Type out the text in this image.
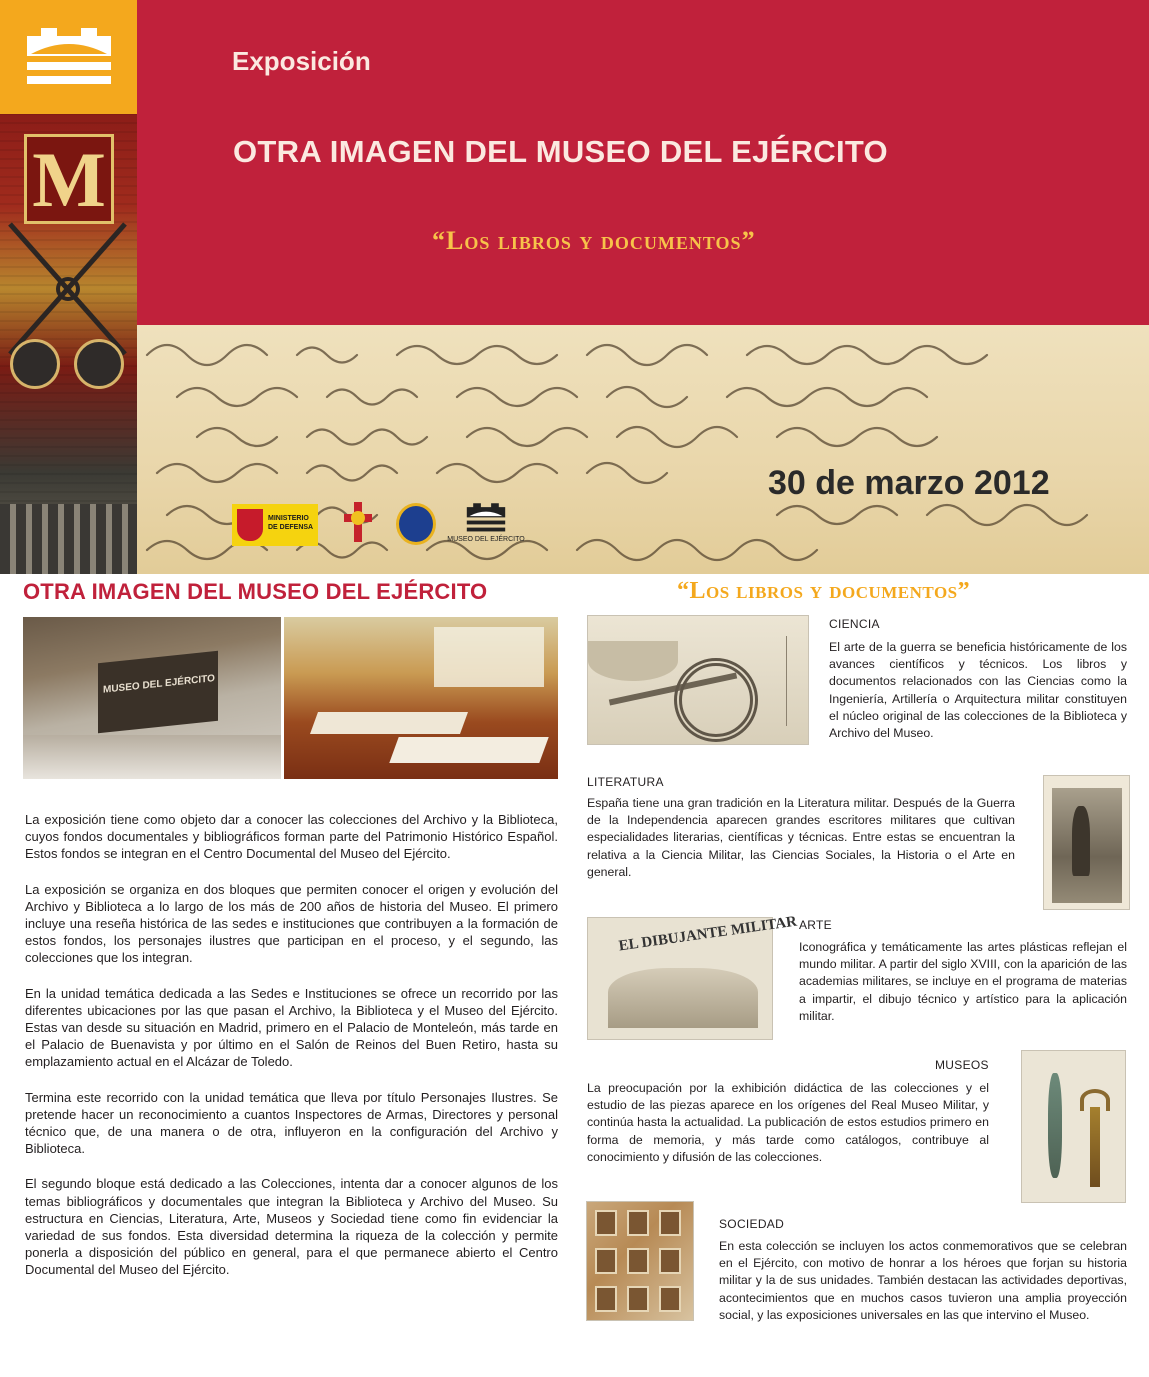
M
Exposición
OTRA IMAGEN DEL MUSEO DEL EJÉRCITO
“Los libros y documentos”
30 de marzo 2012
MINISTERIO DE DEFENSA
MUSEO DEL EJÉRCITO
OTRA IMAGEN DEL MUSEO DEL EJÉRCITO
MUSEO DEL EJÉRCITO

La exposición tiene como objeto dar a conocer las colecciones del Archivo y la Biblioteca, cuyos fondos documentales y bibliográficos forman parte del Patrimonio Histórico Español. Estos fondos se integran en el Centro Documental del Museo del Ejército.

La exposición se organiza en dos bloques que permiten conocer el origen y evolución del Archivo y Biblioteca a lo largo de los más de 200 años de historia del Museo. El primero incluye una reseña histórica de las sedes e instituciones que contribuyen a la formación de estos fondos, los personajes ilustres que participan en el proceso, y el segundo, las colecciones que los integran.

En la unidad temática dedicada a las Sedes e Instituciones se ofrece un recorrido por las diferentes ubicaciones por las que pasan el Archivo, la Biblioteca y el Museo del Ejército. Estas van desde su situación en Madrid, primero en el Palacio de Monteleón, más tarde en el Palacio de Buenavista y por último en el Salón de Reinos del Buen Retiro, hasta su emplazamiento actual en el Alcázar de Toledo.

Termina este recorrido con la unidad temática que lleva por título Personajes Ilustres. Se pretende hacer un reconocimiento a cuantos Inspectores de Armas, Directores y personal técnico que, de una manera o de otra, influyeron en la configuración del Archivo y Biblioteca.

El segundo bloque está dedicado a las Colecciones, intenta dar a conocer algunos de los temas bibliográficos y documentales que integran la Biblioteca y Archivo del Museo. Su estructura en Ciencias, Literatura, Arte, Museos y Sociedad tiene como fin evidenciar la variedad de sus fondos. Esta diversidad determina la riqueza de la colección y permite ponerla a disposición del público en general, para el que permanece abierto el Centro Documental del Museo del Ejército.

“Los libros y documentos”
CIENCIA
El arte de la guerra se beneficia históricamente de los avances científicos y técnicos. Los libros y documentos relacionados con las Ciencias como la Ingeniería, Artillería o Arquitectura militar constituyen el núcleo original de las colecciones de la Biblioteca y Archivo del Museo.
LITERATURA
España tiene una gran tradición en la Literatura militar. Después de la Guerra de la Independencia aparecen grandes escritores militares que cultivan especialidades literarias, científicas y técnicas. Entre estas se encuentran la relativa a la Ciencia Militar, las Ciencias Sociales, la Historia o el Arte en general.
EL DIBUJANTE MILITAR ARTE
Iconográfica y temáticamente las artes plásticas reflejan el mundo militar. A partir del siglo XVIII, con la aparición de las academias militares, se incluye en el programa de materias a impartir, el dibujo técnico y artístico para la aplicación militar.
MUSEOS
La preocupación por la exhibición didáctica de las colecciones y el estudio de las piezas aparece en los orígenes del Real Museo Militar, y continúa hasta la actualidad. La publicación de estos estudios primero en forma de memoria, y más tarde como catálogos, contribuye al conocimiento y difusión de las colecciones.
SOCIEDAD
En esta colección se incluyen los actos conmemorativos que se celebran en el Ejército, con motivo de honrar a los héroes que forjan su historia militar y la de sus unidades. También destacan las actividades deportivas, acontecimientos que en muchos casos tuvieron una amplia proyección social, y las exposiciones universales en las que intervino el Museo.
